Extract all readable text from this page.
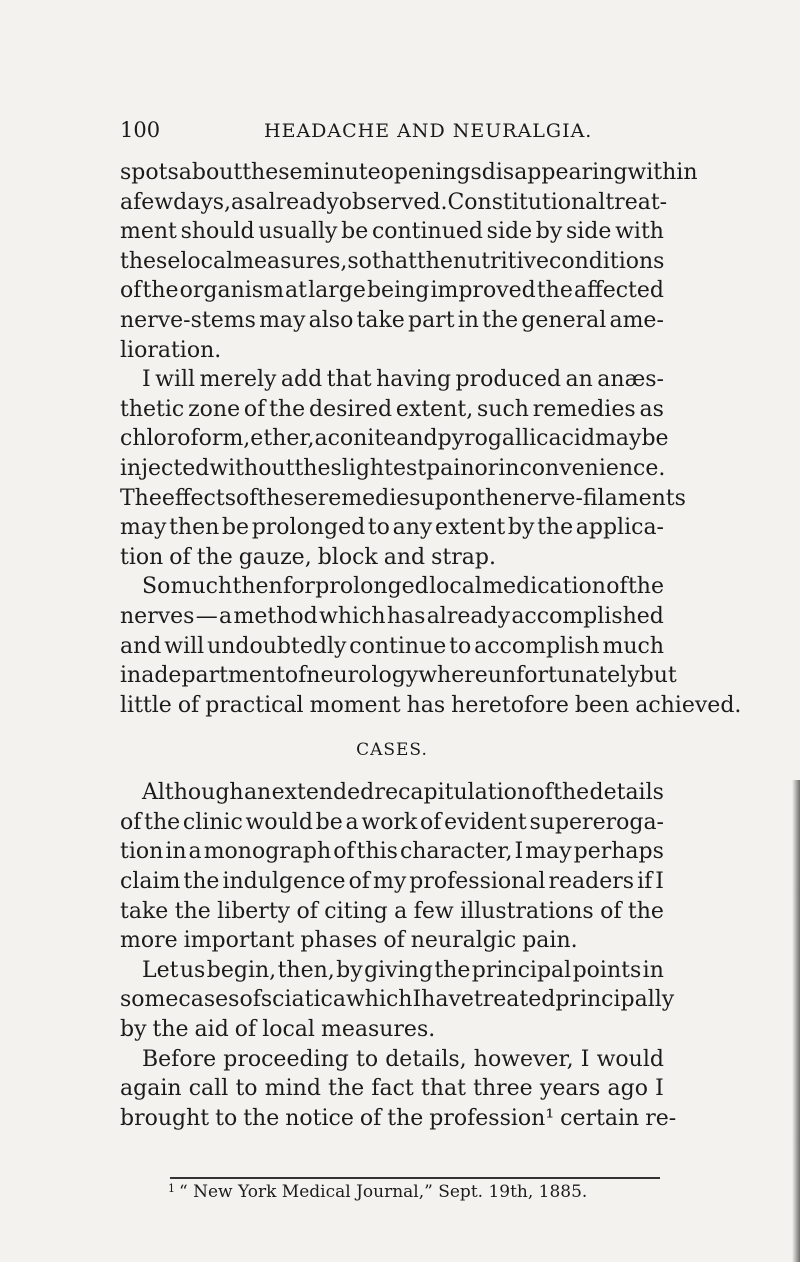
100	HEADACHE AND NEURALGIA.
spots about these minute openings disappearing within
a few days, as already observed. Constitutional treat-
ment should usually be continued side by side with
these local measures, so that the nutritive conditions
of the organism at large being improved the affected
nerve-stems may also take part in the general ame-
lioration.
I will merely add that having produced an anæs-
thetic zone of the desired extent, such remedies as
chloroform, ether, aconite and pyrogallic acid may be
injected without the slightest pain or inconvenience.
The effects of these remedies upon the nerve-filaments
may then be prolonged to any extent by the applica-
tion of the gauze, block and strap.
So much then for prolonged local medication of the
nerves — a method which has already accomplished
and will undoubtedly continue to accomplish much
in a department of neurology where unfortunately but
little of practical moment has heretofore been achieved.
CASES.
Although an extended recapitulation of the details
of the clinic would be a work of evident supereroga-
tion in a monograph of this character, I may perhaps
claim the indulgence of my professional readers if I
take the liberty of citing a few illustrations of the
more important phases of neuralgic pain.
Let us begin, then, by giving the principal points in
some cases of sciatica which I have treated principally
by the aid of local measures.
Before proceeding to details, however, I would
again call to mind the fact that three years ago I
brought to the notice of the profession¹ certain re-
$^1$ “ New York Medical Journal,” Sept. 19th, 1885.
